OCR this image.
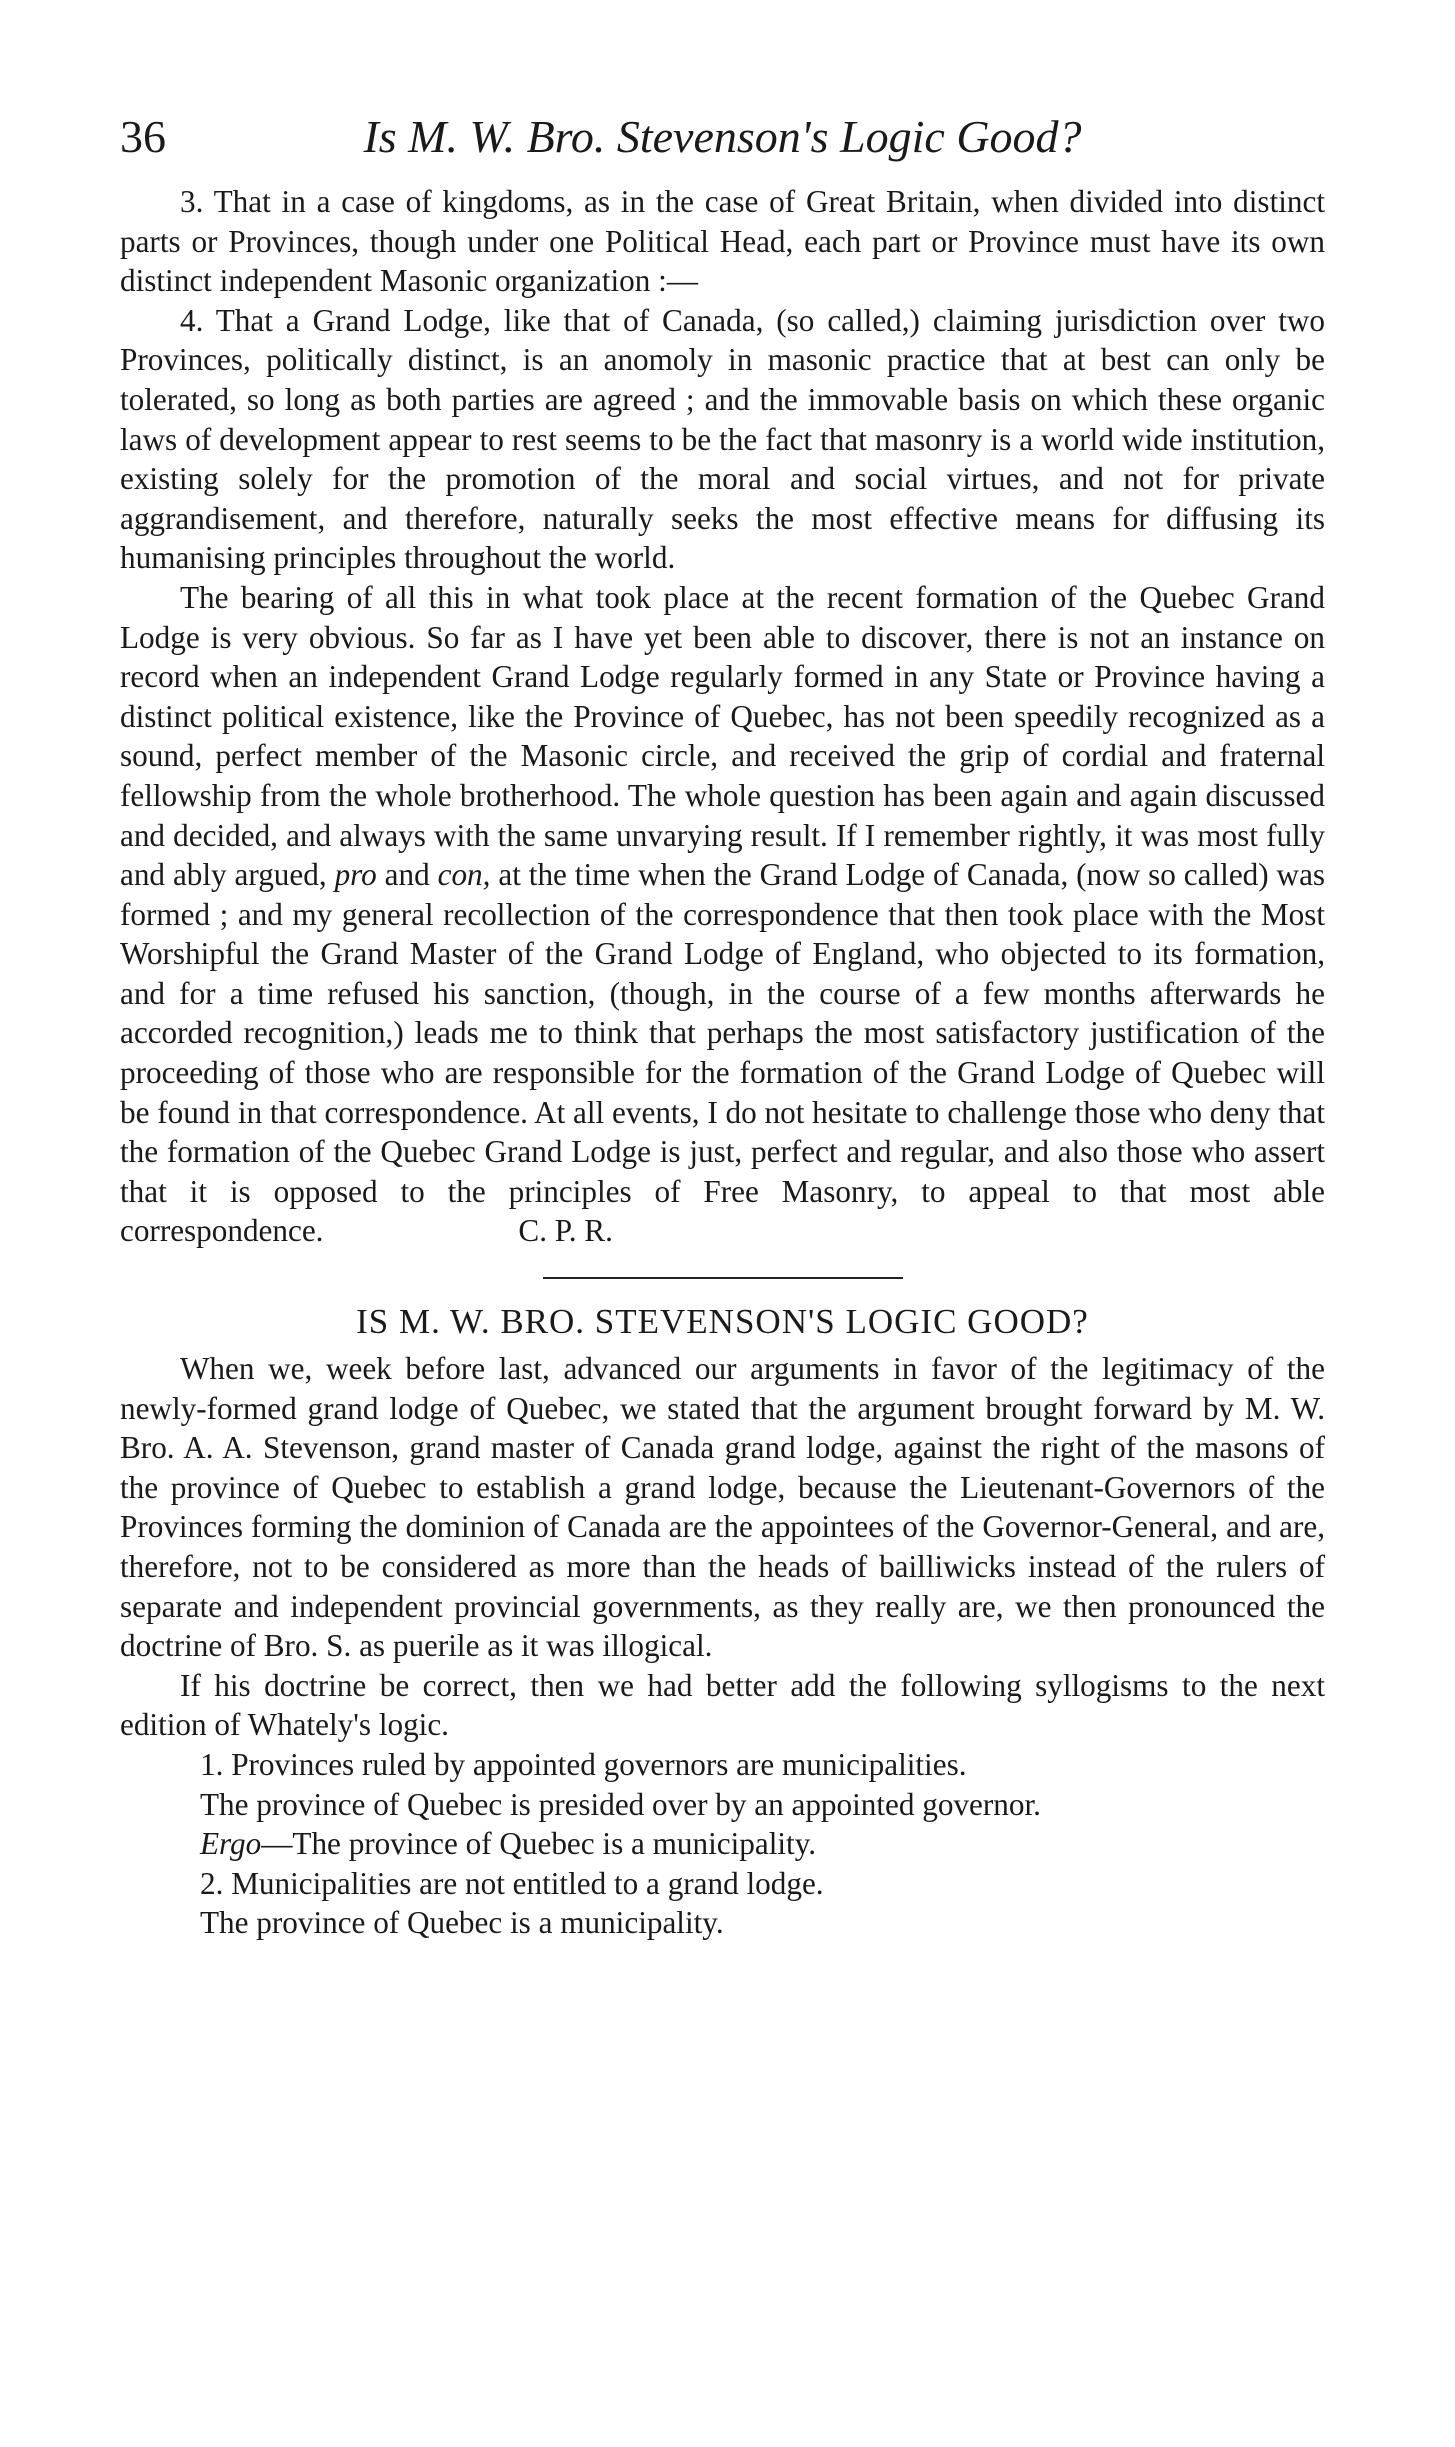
36	Is M. W. Bro. Stevenson's Logic Good?

3. That in a case of kingdoms, as in the case of Great Britain, when divided into distinct parts or Provinces, though under one Political Head, each part or Province must have its own distinct independent Masonic organization :—

4. That a Grand Lodge, like that of Canada, (so called,) claiming jurisdiction over two Provinces, politically distinct, is an anomoly in masonic practice that at best can only be tolerated, so long as both parties are agreed ; and the immovable basis on which these organic laws of development appear to rest seems to be the fact that masonry is a world wide institution, existing solely for the promotion of the moral and social virtues, and not for private aggrandisement, and therefore, naturally seeks the most effective means for diffusing its humanising principles throughout the world.

The bearing of all this in what took place at the recent formation of the Quebec Grand Lodge is very obvious. So far as I have yet been able to discover, there is not an instance on record when an independent Grand Lodge regularly formed in any State or Province having a distinct political existence, like the Province of Quebec, has not been speedily recognized as a sound, perfect member of the Masonic circle, and received the grip of cordial and fraternal fellowship from the whole brotherhood. The whole question has been again and again discussed and decided, and always with the same unvarying result. If I remember rightly, it was most fully and ably argued, pro and con, at the time when the Grand Lodge of Canada, (now so called) was formed ; and my general recollection of the correspondence that then took place with the Most Worshipful the Grand Master of the Grand Lodge of England, who objected to its formation, and for a time refused his sanction, (though, in the course of a few months afterwards he accorded recognition,) leads me to think that perhaps the most satisfactory justification of the proceeding of those who are responsible for the formation of the Grand Lodge of Quebec will be found in that correspondence. At all events, I do not hesitate to challenge those who deny that the formation of the Quebec Grand Lodge is just, perfect and regular, and also those who assert that it is opposed to the principles of Free Masonry, to appeal to that most able correspondence.      	C. P. R.

IS M. W. BRO. STEVENSON'S LOGIC GOOD?

When we, week before last, advanced our arguments in favor of the legitimacy of the newly-formed grand lodge of Quebec, we stated that the argument brought forward by M. W. Bro. A. A. Stevenson, grand master of Canada grand lodge, against the right of the masons of the province of Quebec to establish a grand lodge, because the Lieutenant-Governors of the Provinces forming the dominion of Canada are the appointees of the Governor-General, and are, therefore, not to be considered as more than the heads of bailliwicks instead of the rulers of separate and independent provincial governments, as they really are, we then pronounced the doctrine of Bro. S. as puerile as it was illogical.

If his doctrine be correct, then we had better add the following syllogisms to the next edition of Whately's logic.

1. Provinces ruled by appointed governors are municipalities.
The province of Quebec is presided over by an appointed governor.
Ergo—The province of Quebec is a municipality.
2. Municipalities are not entitled to a grand lodge.
The province of Quebec is a municipality.
